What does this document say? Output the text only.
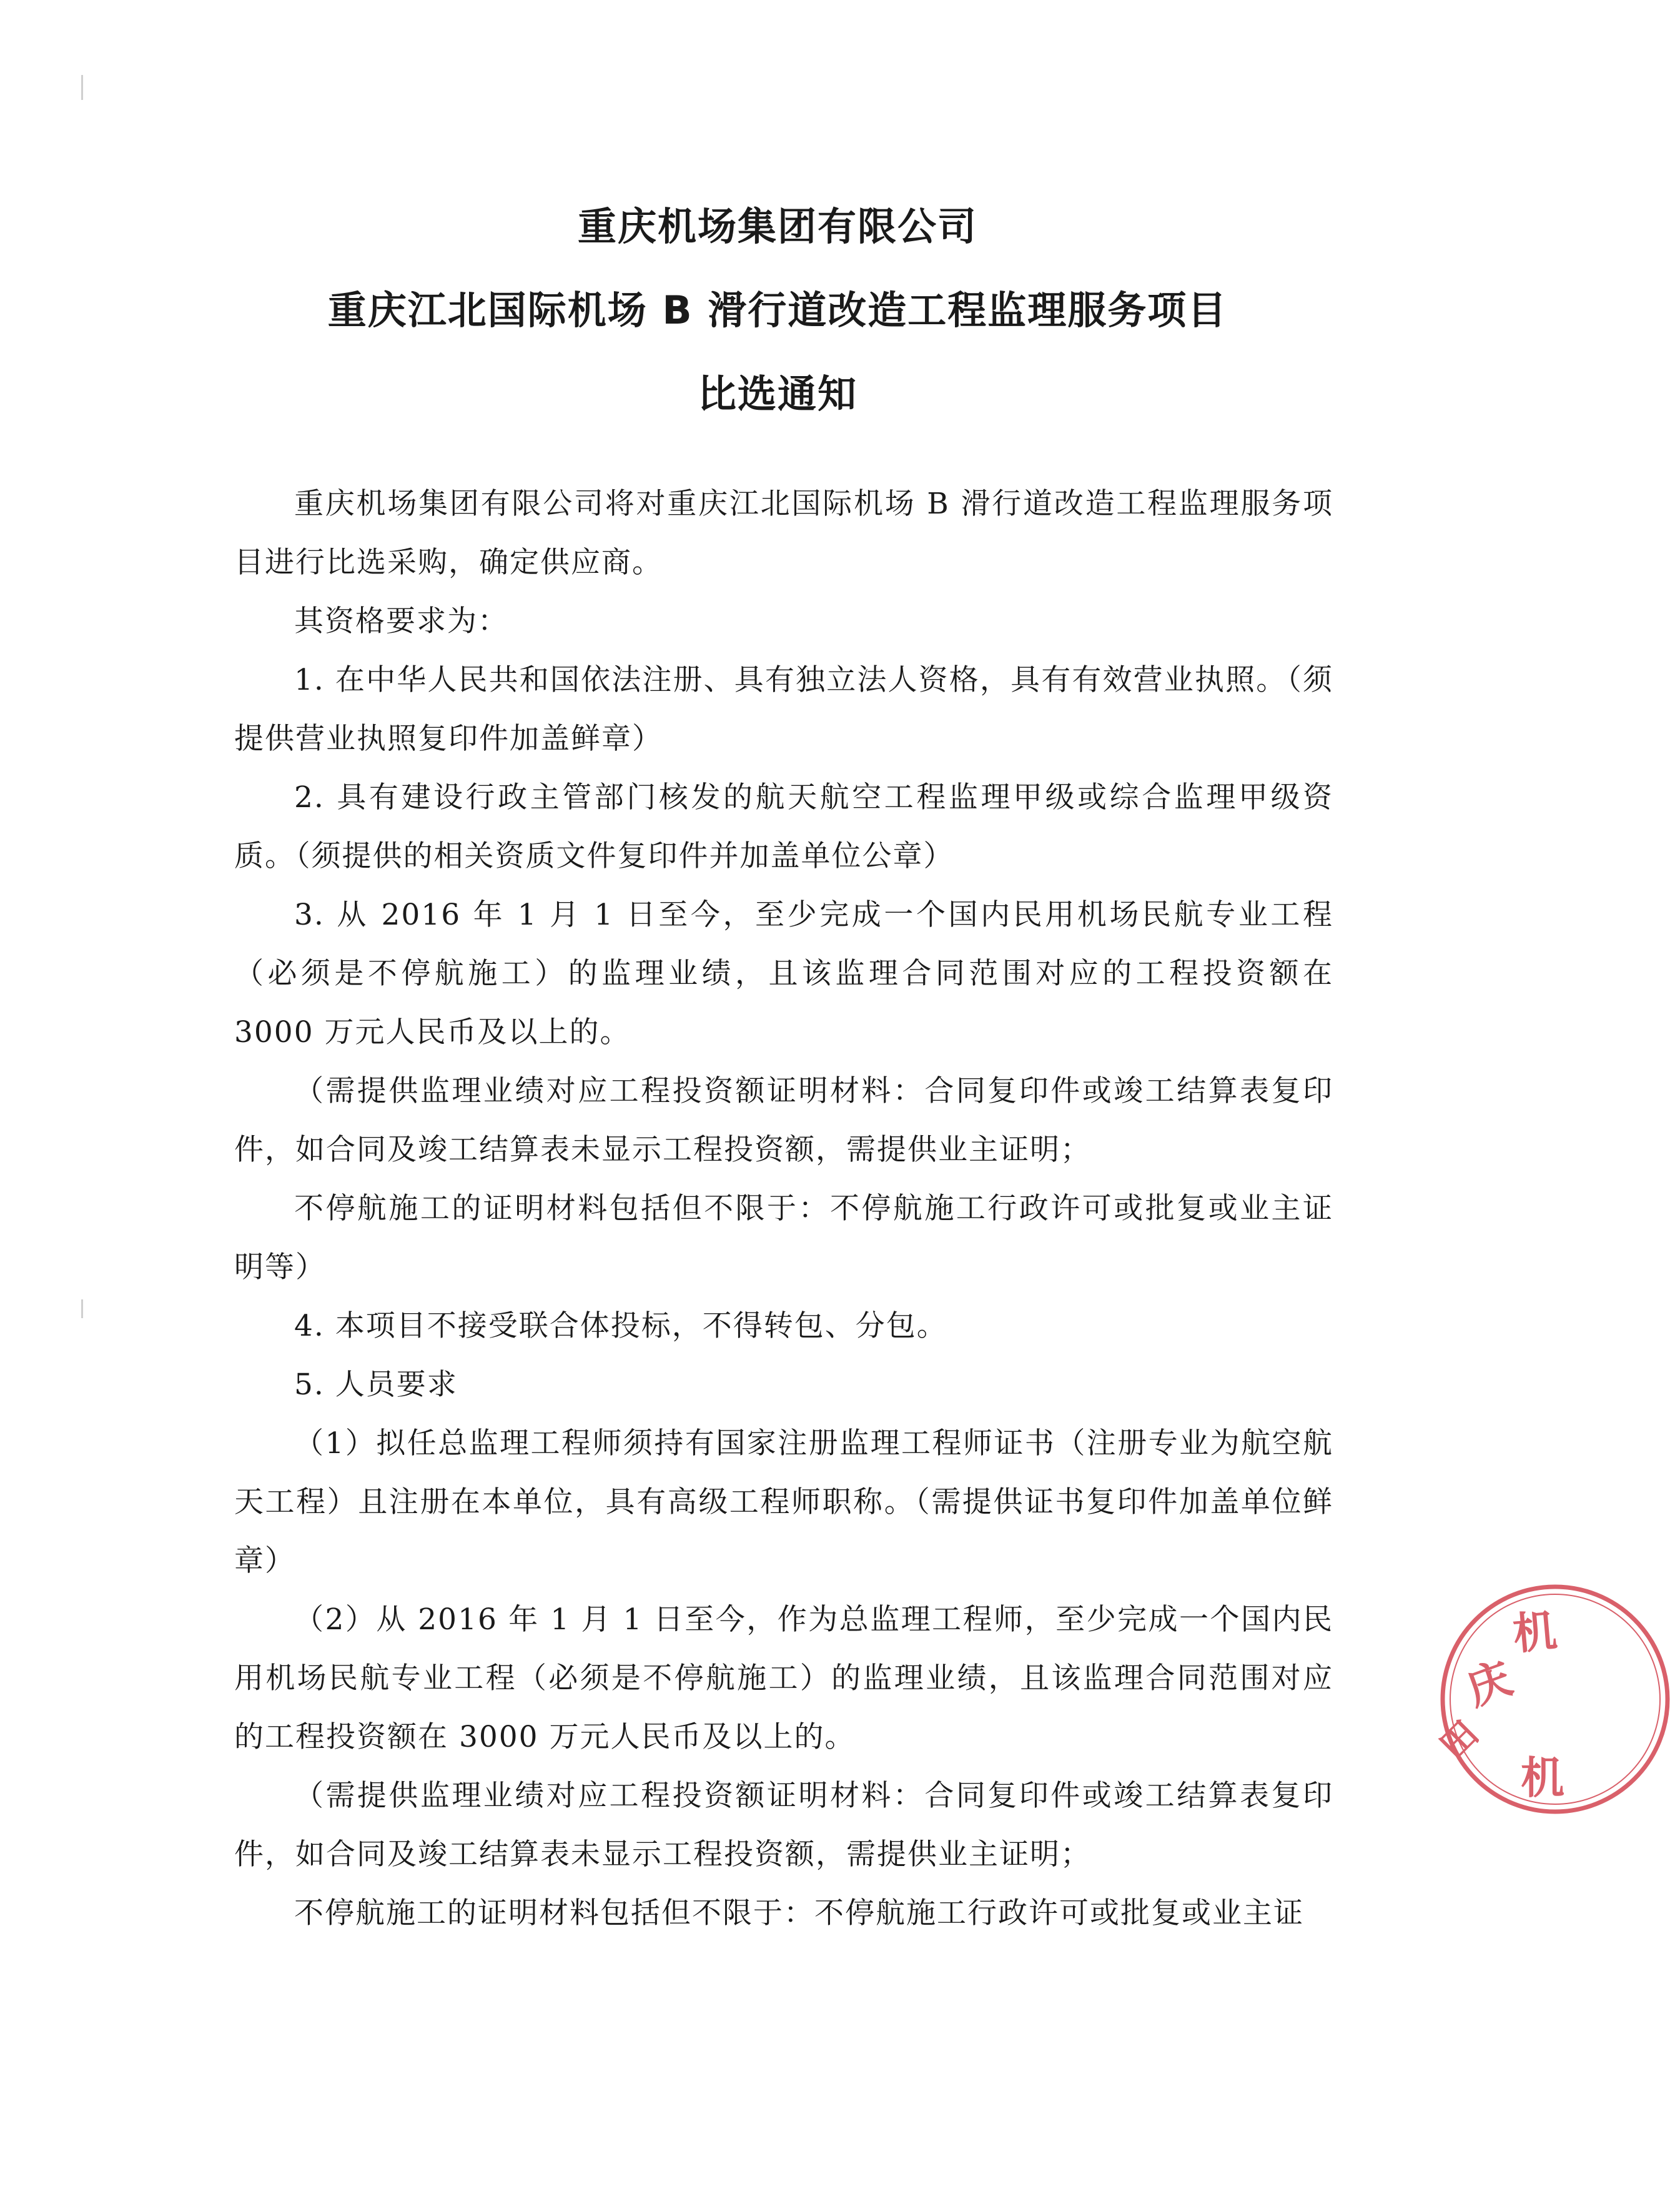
重庆机场集团有限公司
重庆江北国际机场 B 滑行道改造工程监理服务项目
比选通知

重庆机场集团有限公司将对重庆江北国际机场 B 滑行道改造工程监理服务项目进行比选采购，确定供应商。

其资格要求为：

1. 在中华人民共和国依法注册、具有独立法人资格，具有有效营业执照。（须提供营业执照复印件加盖鲜章）

2. 具有建设行政主管部门核发的航天航空工程监理甲级或综合监理甲级资质。（须提供的相关资质文件复印件并加盖单位公章）

3. 从 2016 年 1 月 1 日至今，至少完成一个国内民用机场民航专业工程（必须是不停航施工）的监理业绩，且该监理合同范围对应的工程投资额在 3000 万元人民币及以上的。

（需提供监理业绩对应工程投资额证明材料：合同复印件或竣工结算表复印件，如合同及竣工结算表未显示工程投资额，需提供业主证明；

不停航施工的证明材料包括但不限于：不停航施工行政许可或批复或业主证明等）

4. 本项目不接受联合体投标，不得转包、分包。

5. 人员要求

（1）拟任总监理工程师须持有国家注册监理工程师证书（注册专业为航空航天工程）且注册在本单位，具有高级工程师职称。（需提供证书复印件加盖单位鲜章）

（2）从 2016 年 1 月 1 日至今，作为总监理工程师，至少完成一个国内民用机场民航专业工程（必须是不停航施工）的监理业绩，且该监理合同范围对应的工程投资额在 3000 万元人民币及以上的。

（需提供监理业绩对应工程投资额证明材料：合同复印件或竣工结算表复印件，如合同及竣工结算表未显示工程投资额，需提供业主证明；

不停航施工的证明材料包括但不限于：不停航施工行政许可或批复或业主证

庆
机
田
机
